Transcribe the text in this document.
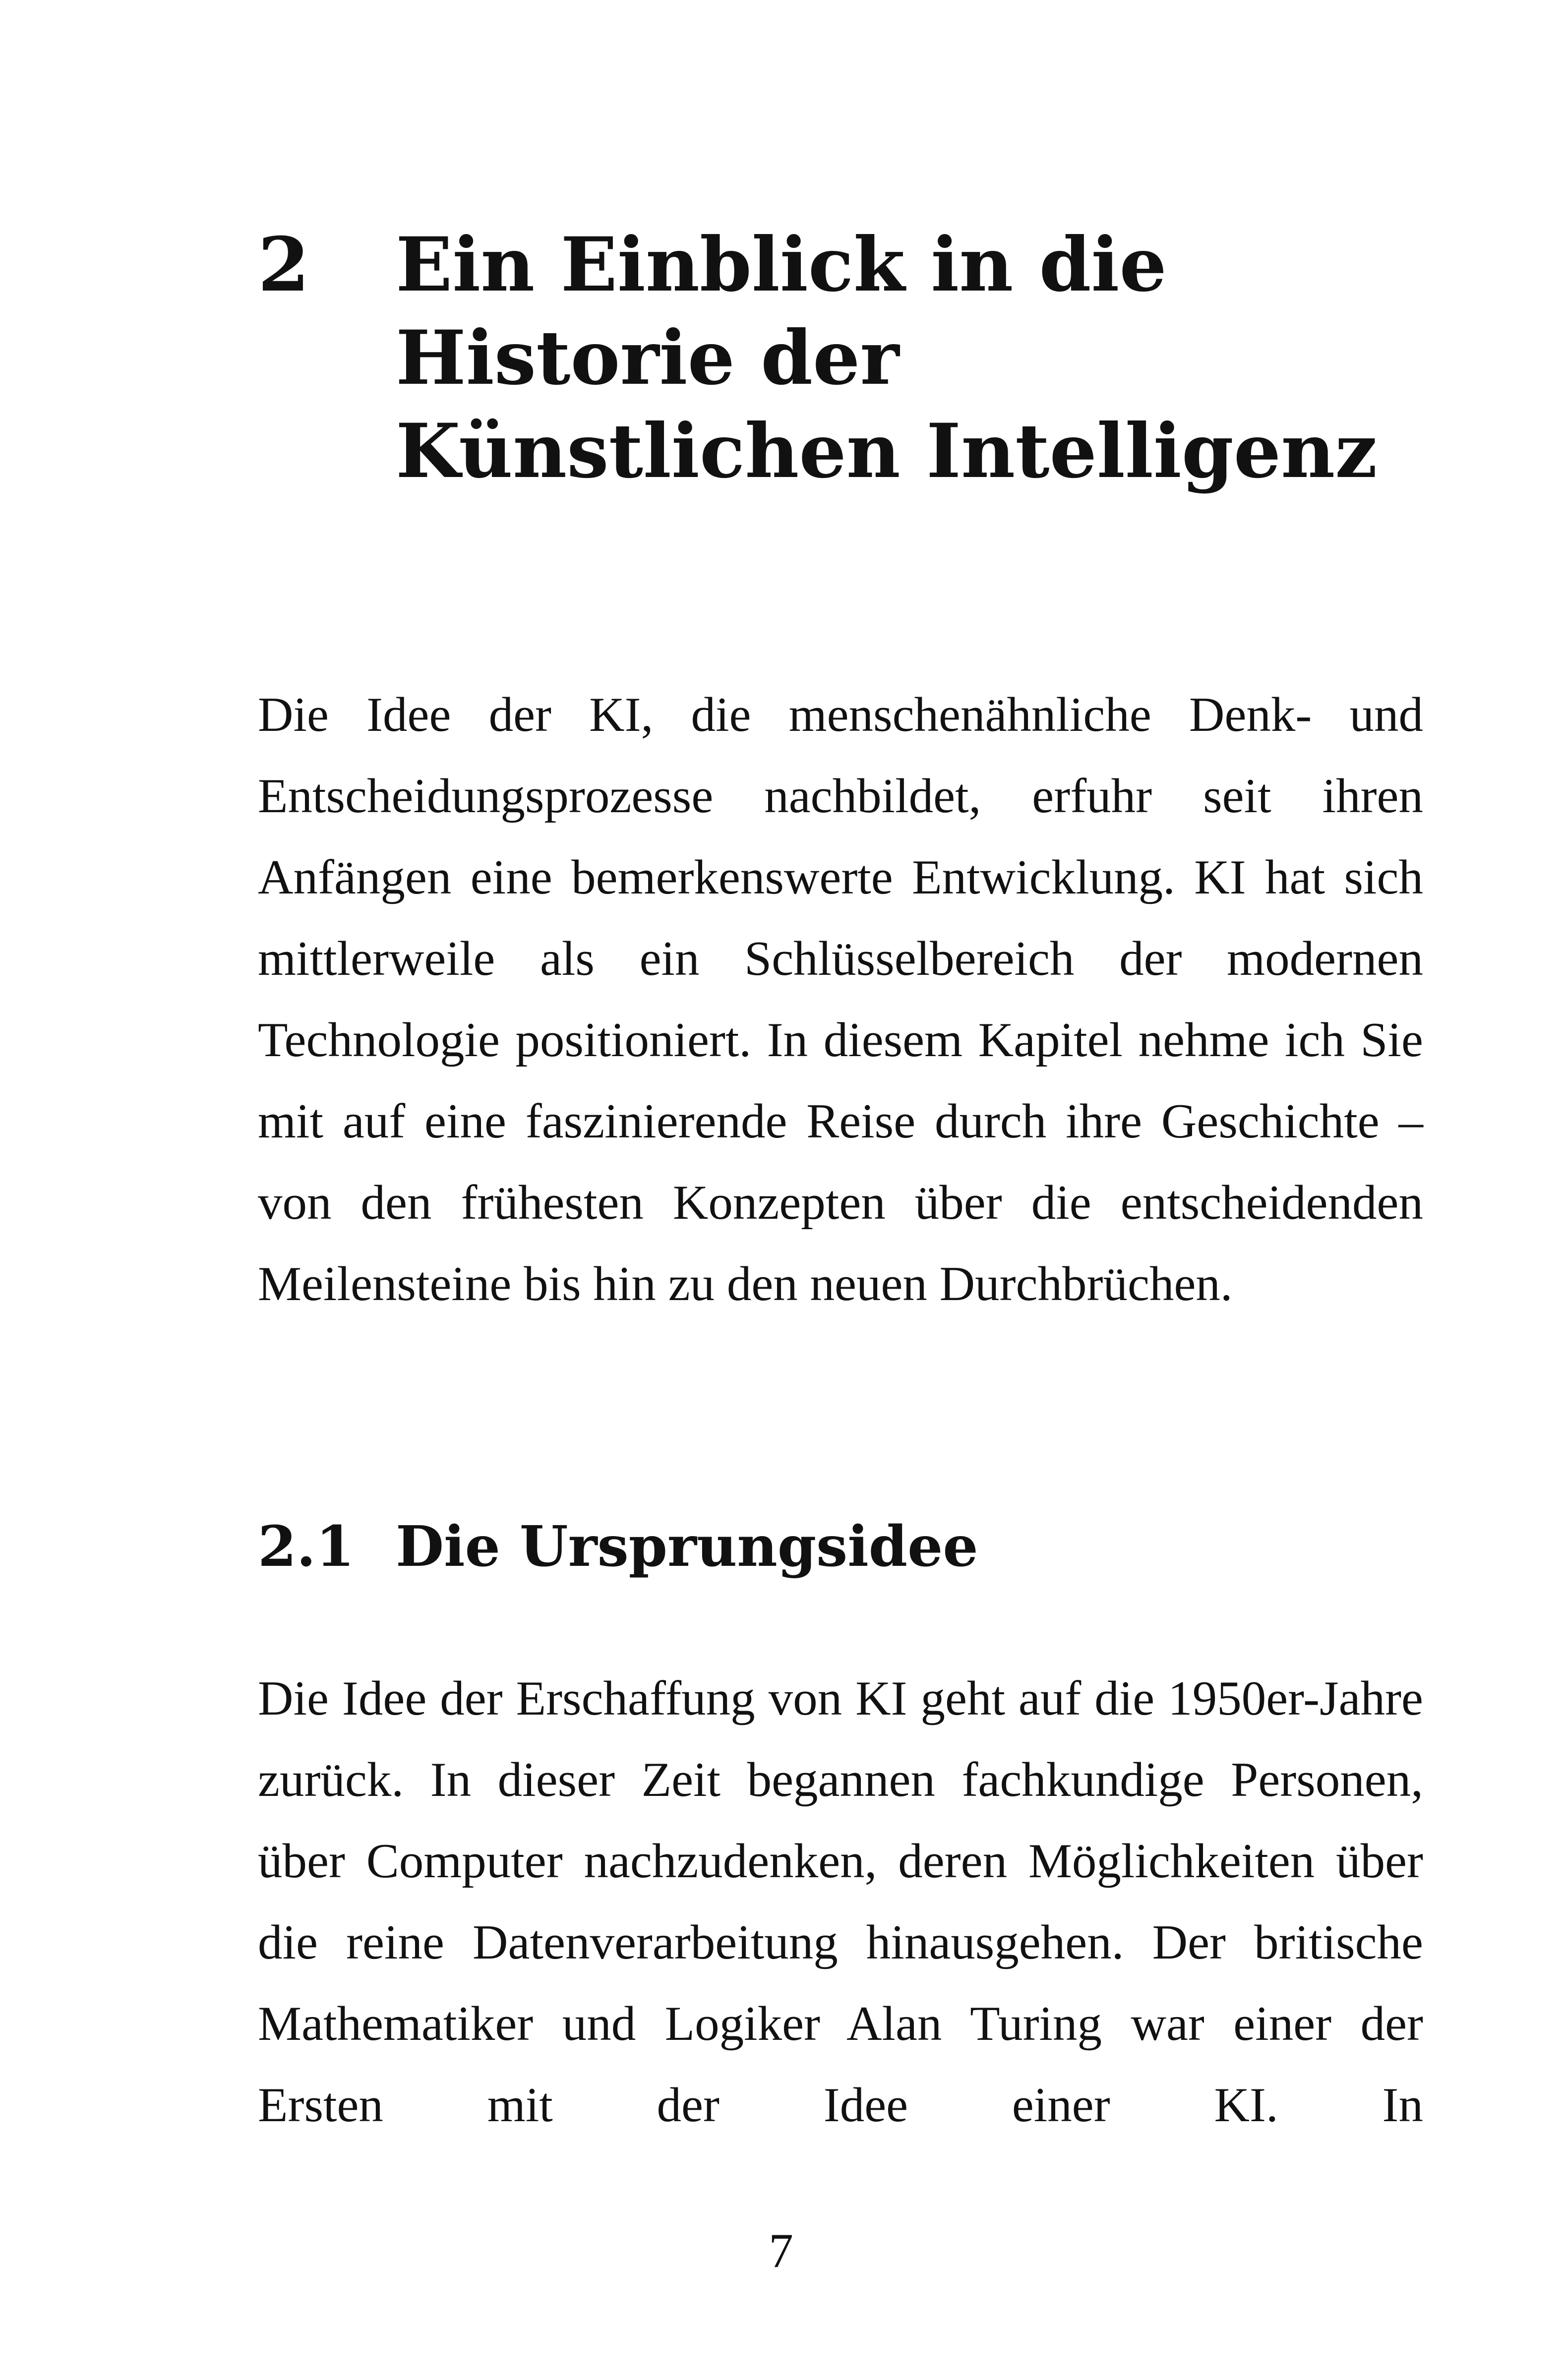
2	Ein Einblick in die
Historie der
Künstlichen Intelligenz

Die Idee der KI, die menschenähnliche Denk- und Entscheidungsprozesse nachbildet, erfuhr seit ihren Anfängen eine bemerkenswerte Entwicklung. KI hat sich mittlerweile als ein Schlüsselbereich der modernen Technologie positioniert. In diesem Kapitel nehme ich Sie mit auf eine faszinierende Reise durch ihre Geschichte – von den frühesten Konzepten über die entscheidenden Meilensteine bis hin zu den neuen Durchbrüchen.

2.1 Die Ursprungsidee

Die Idee der Erschaffung von KI geht auf die 1950er-Jahre zurück. In dieser Zeit begannen fachkundige Personen, über Computer nachzudenken, deren Möglichkeiten über die reine Datenverarbeitung hinausgehen. Der britische Mathematiker und Logiker Alan Turing war einer der Ersten mit der Idee einer KI. In

7
